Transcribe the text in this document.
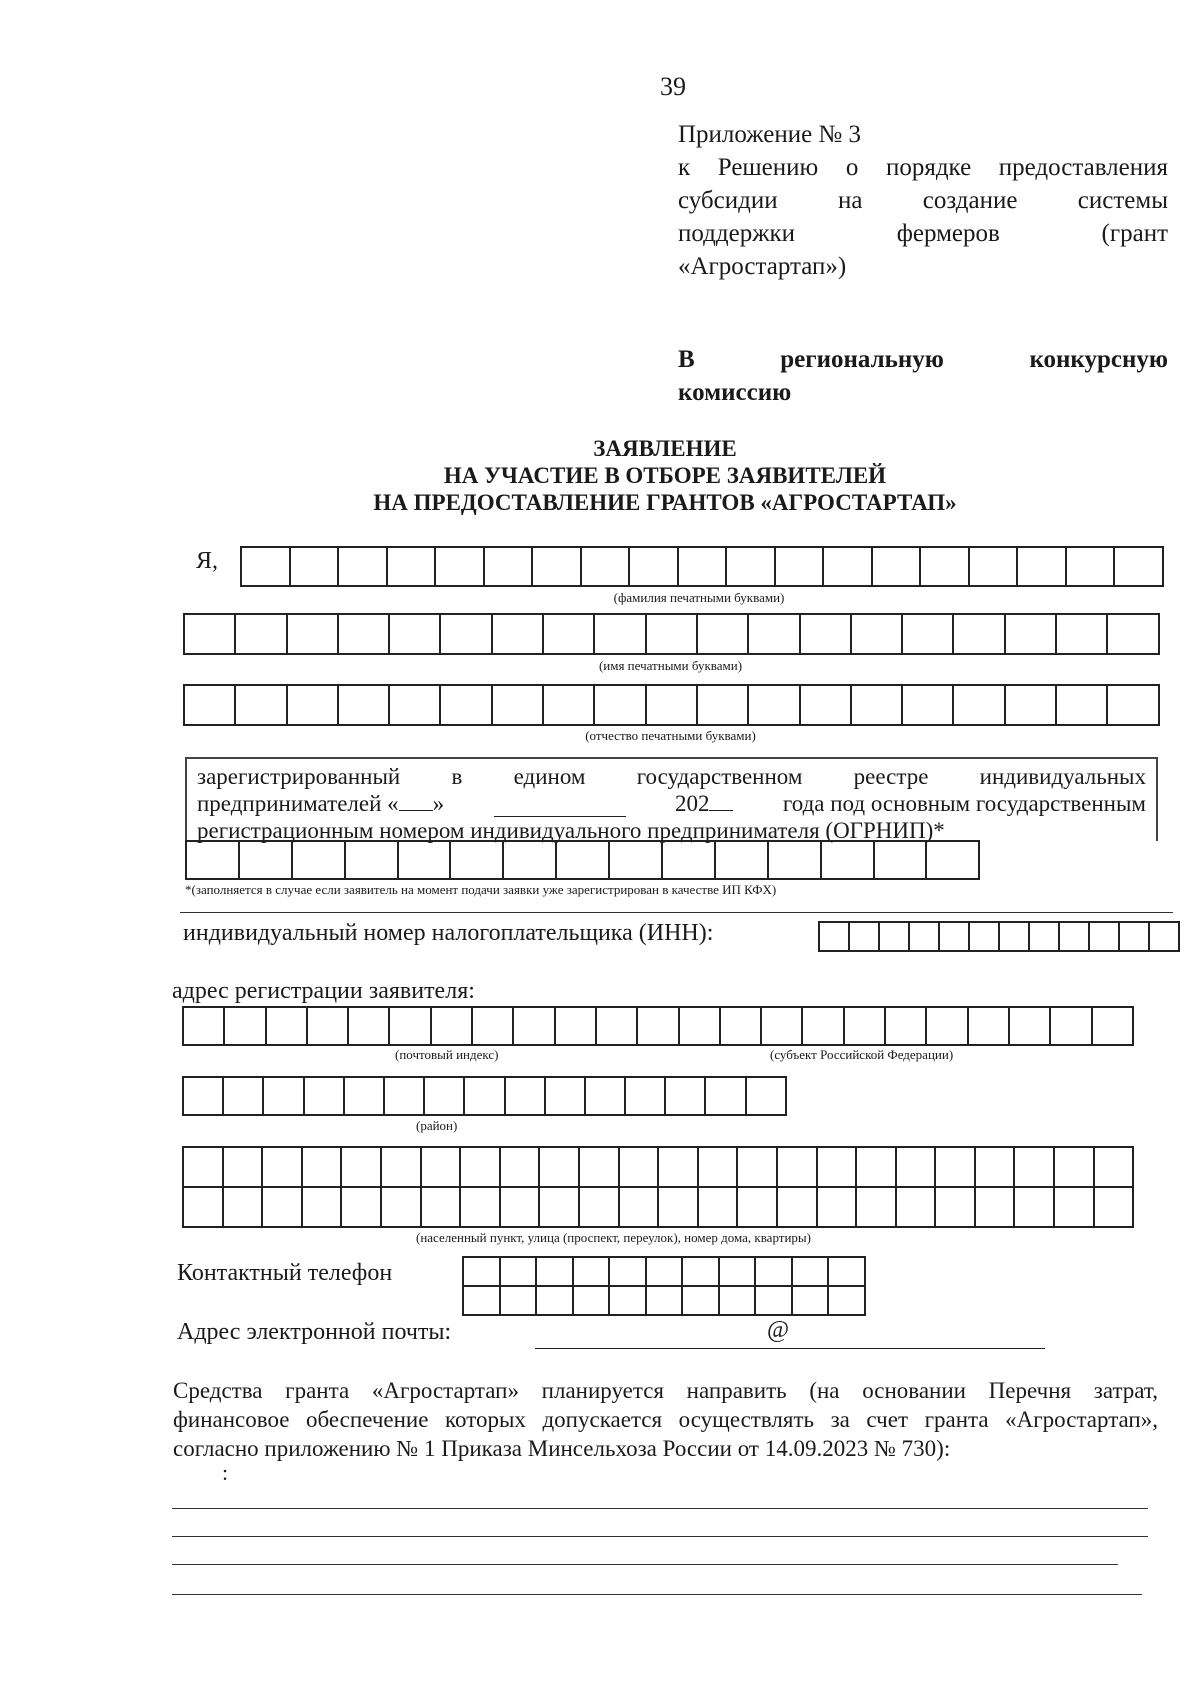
39
Приложение № 3
к Решению о порядке предоставления
субсидии на создание системы
поддержки фермеров (грант
«Агростартап»)
В региональную конкурсную
комиссию
ЗАЯВЛЕНИЕ
НА УЧАСТИЕ В ОТБОРЕ ЗАЯВИТЕЛЕЙ
НА ПРЕДОСТАВЛЕНИЕ ГРАНТОВ «АГРОСТАРТАП»
Я,
(фамилия печатными буквами)
(имя печатными буквами)
(отчество печатными буквами)
зарегистрированный в едином государственном реестре индивидуальных
предпринимателей « »	202	года под основным государственным
регистрационным номером индивидуального предпринимателя (ОГРНИП)*
*(заполняется в случае если заявитель на момент подачи заявки уже зарегистрирован в качестве ИП КФХ)
индивидуальный номер налогоплательщика (ИНН):
адрес регистрации заявителя:
(почтовый индекс)	(субъект Российской Федерации)
(район)
(населенный пункт, улица (проспект, переулок), номер дома, квартиры)
Контактный телефон
Адрес электронной почты:	@
Средства гранта «Агростартап» планируется направить (на основании Перечня затрат,
финансовое обеспечение которых допускается осуществлять за счет гранта «Агростартап»,
согласно приложению № 1 Приказа Минсельхоза России от 14.09.2023 № 730):
:
